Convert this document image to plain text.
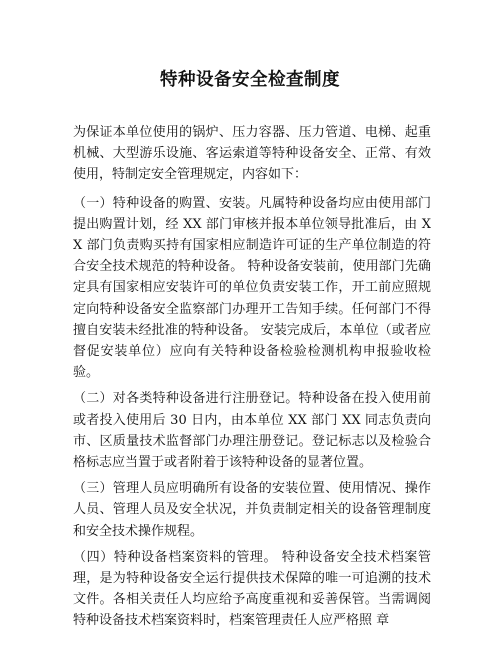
特种设备安全检查制度

为保证本单位使用的锅炉、压力容器、压力管道、电梯、起重机械、大型游乐设施、客运索道等特种设备安全、正常、有效使用，特制定安全管理规定，内容如下：

（一）特种设备的购置、安装。凡属特种设备均应由使用部门提出购置计划，经 XX 部门审核并报本单位领导批准后，由 XX 部门负责购买持有国家相应制造许可证的生产单位制造的符合安全技术规范的特种设备。 特种设备安装前，使用部门先确定具有国家相应安装许可的单位负责安装工作，开工前应照规定向特种设备安全监察部门办理开工告知手续。任何部门不得擅自安装未经批准的特种设备。 安装完成后，本单位（或者应督促安装单位）应向有关特种设备检验检测机构申报验收检验。

（二）对各类特种设备进行注册登记。特种设备在投入使用前或者投入使用后 30 日内，由本单位 XX 部门 XX 同志负责向市、区质量技术监督部门办理注册登记。登记标志以及检验合格标志应当置于或者附着于该特种设备的显著位置。

（三）管理人员应明确所有设备的安装位置、使用情况、操作人员、管理人员及安全状况，并负责制定相关的设备管理制度和安全技术操作规程。

（四）特种设备档案资料的管理。 特种设备安全技术档案管理，是为特种设备安全运行提供技术保障的唯一可追溯的技术文件。各相关责任人均应给予高度重视和妥善保管。当需调阅特种设备技术档案资料时，档案管理责任人应严格照 章
